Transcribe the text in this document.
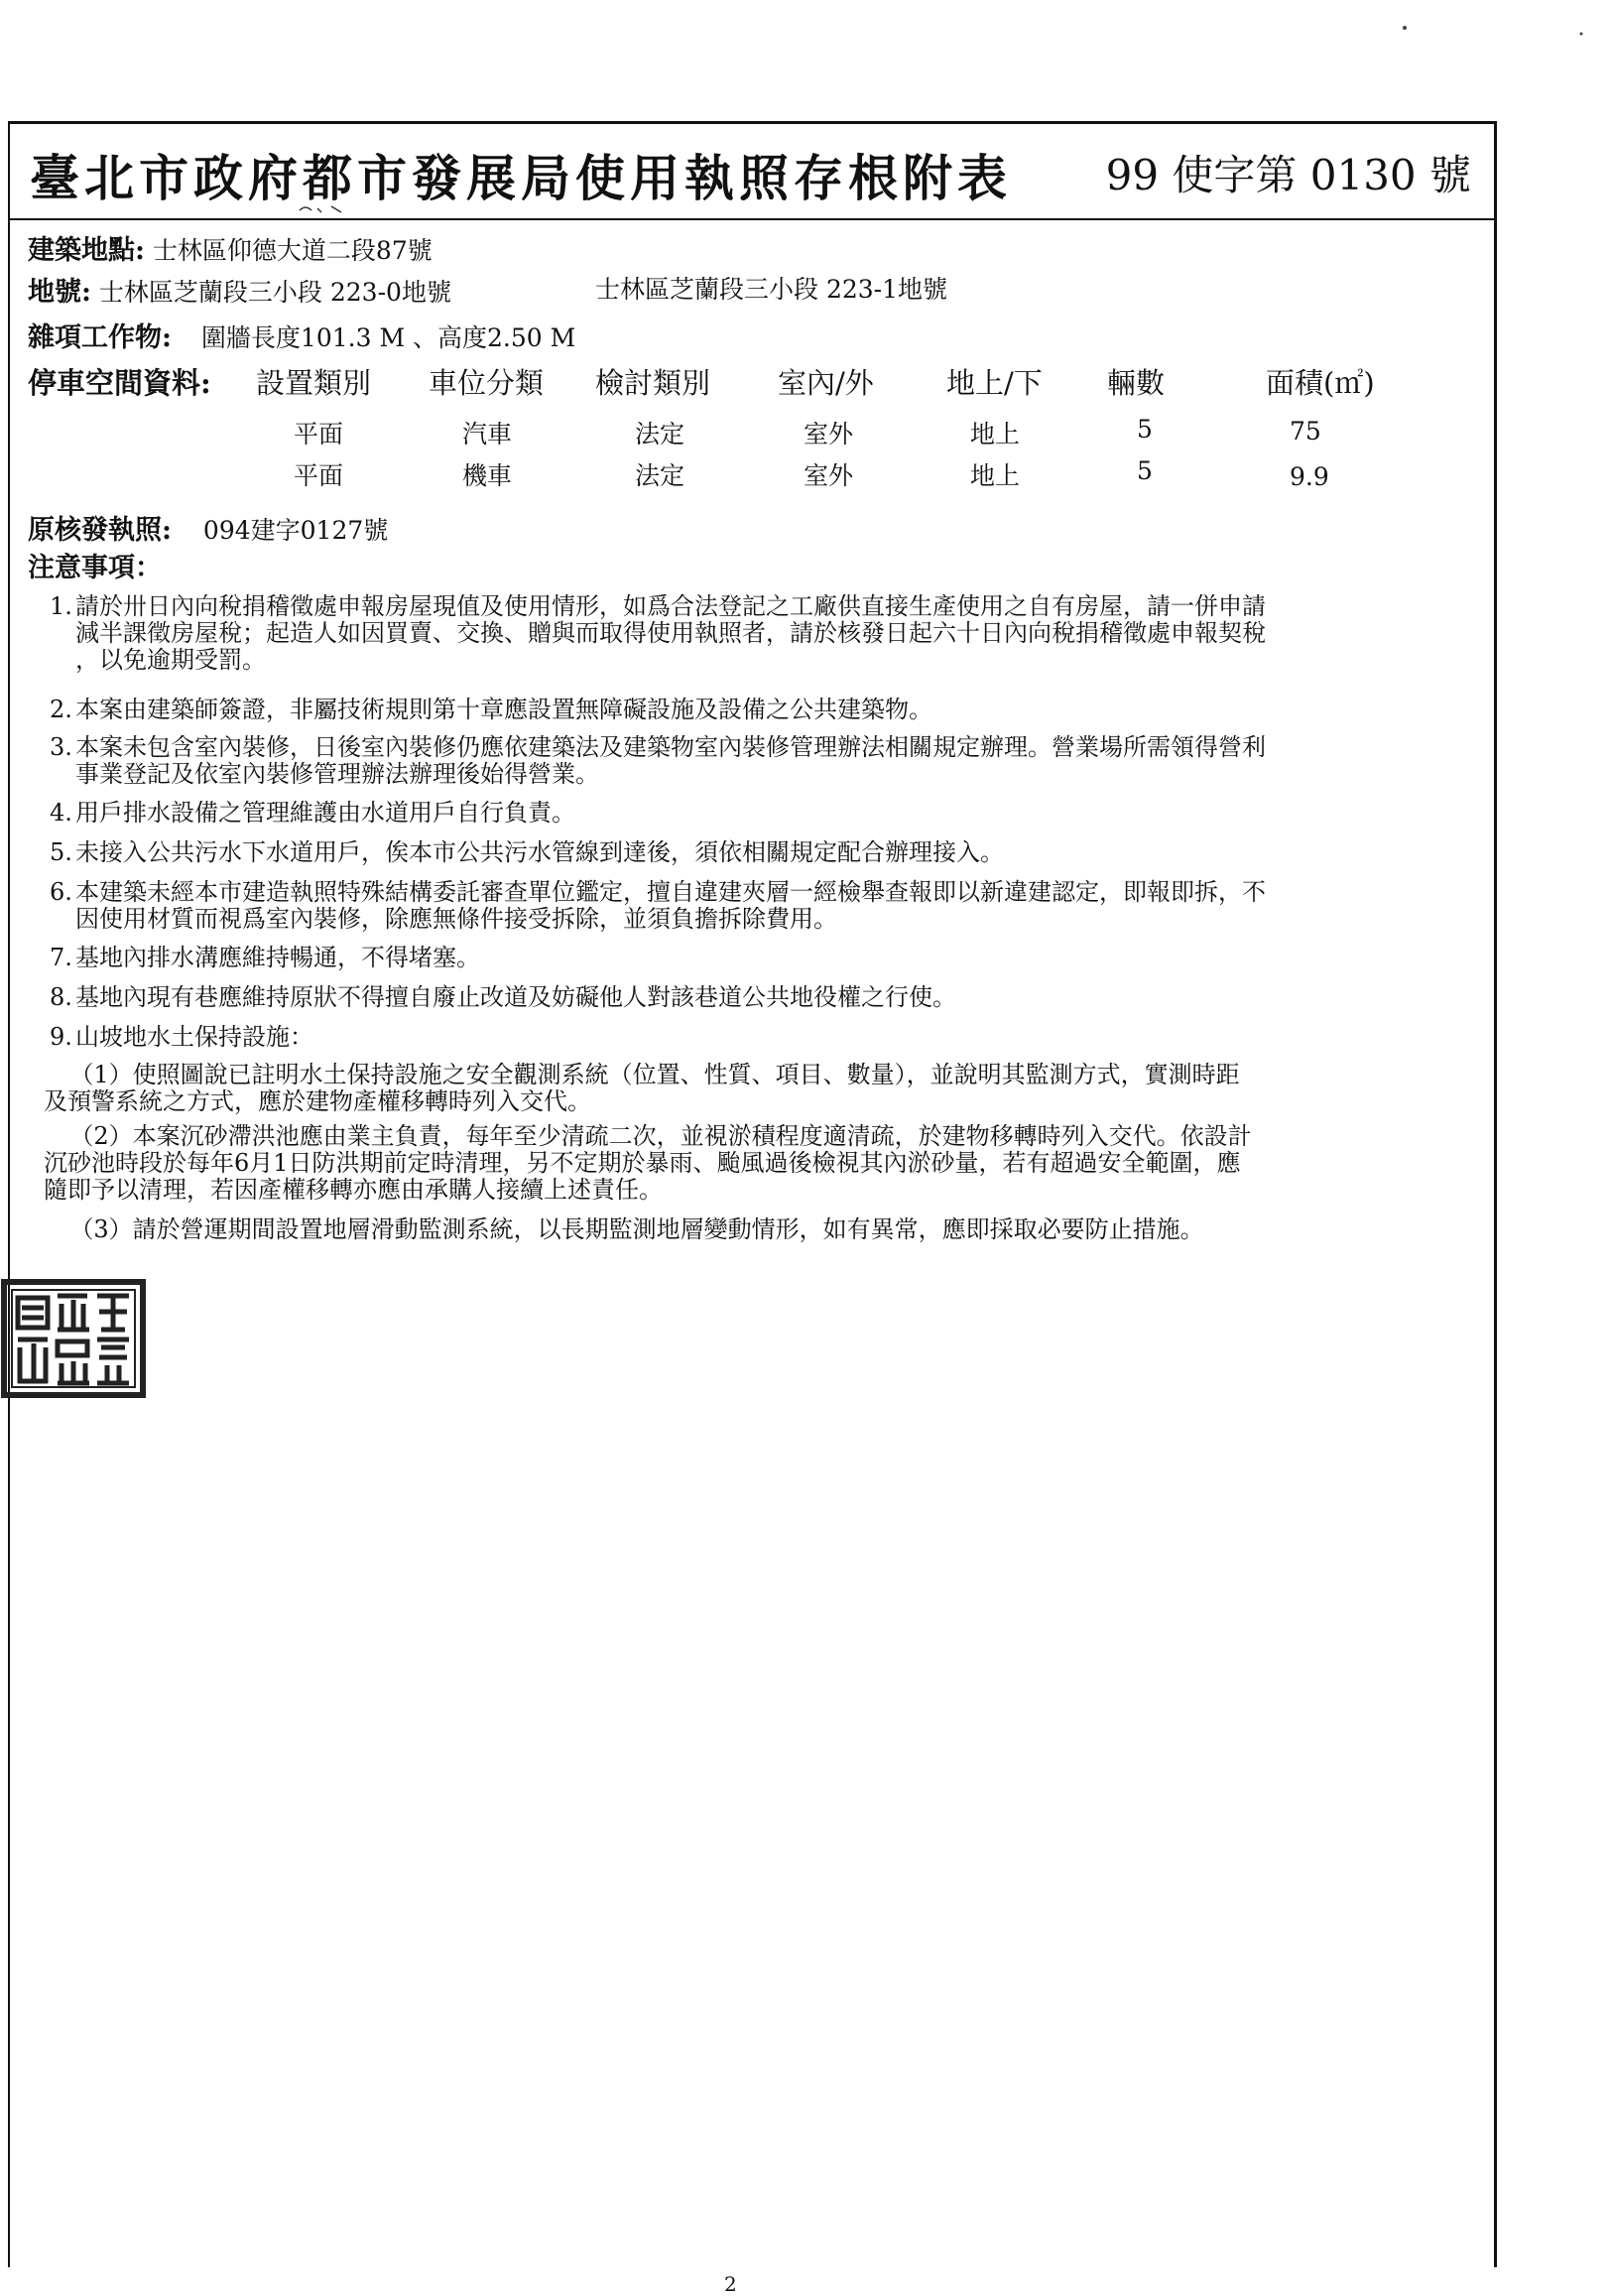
臺北市政府都市發展局使用執照存根附表 99 使字第 0130 號
建築地點: 士林區仰德大道二段87號
地號: 士林區芝蘭段三小段 223-0地號	士林區芝蘭段三小段 223-1地號
雜項工作物: 圍牆長度101.3 M 、高度2.50 M
停車空間資料: 設置類別 車位分類 檢討類別 室內/外	地上/下 輛數	面積(㎡)
平面	汽車	法定	室外	地上	5	75
平面	機車	法定	室外	地上	5	9.9
原核發執照: 094建字0127號
注意事項：
1. 請於卅日內向稅捐稽徵處申報房屋現值及使用情形，如爲合法登記之工廠供直接生產使用之自有房屋，請一併申請
減半課徵房屋稅；起造人如因買賣、交換、贈與而取得使用執照者，請於核發日起六十日內向稅捐稽徵處申報契稅
，以免逾期受罰。
2. 本案由建築師簽證，非屬技術規則第十章應設置無障礙設施及設備之公共建築物。
3. 本案未包含室內裝修，日後室內裝修仍應依建築法及建築物室內裝修管理辦法相關規定辦理。營業場所需領得營利
事業登記及依室內裝修管理辦法辦理後始得營業。
4. 用戶排水設備之管理維護由水道用戶自行負責。
5. 未接入公共污水下水道用戶，俟本市公共污水管線到達後，須依相關規定配合辦理接入。
6. 本建築未經本市建造執照特殊結構委託審查單位鑑定，擅自違建夾層一經檢舉查報即以新違建認定，即報即拆，不
因使用材質而視爲室內裝修，除應無條件接受拆除，並須負擔拆除費用。
7. 基地內排水溝應維持暢通，不得堵塞。
8. 基地內現有巷應維持原狀不得擅自廢止改道及妨礙他人對該巷道公共地役權之行使。
9. 山坡地水土保持設施：
（1）使照圖說已註明水土保持設施之安全觀測系統（位置、性質、項目、數量），並說明其監測方式，實測時距
及預警系統之方式，應於建物產權移轉時列入交代。
（2）本案沉砂滯洪池應由業主負責，每年至少清疏二次，並視淤積程度適清疏，於建物移轉時列入交代。依設計
沉砂池時段於每年6月1日防洪期前定時清理，另不定期於暴雨、颱風過後檢視其內淤砂量，若有超過安全範圍，應
隨即予以清理，若因產權移轉亦應由承購人接續上述責任。
（3）請於營運期間設置地層滑動監測系統，以長期監測地層變動情形，如有異常，應即採取必要防止措施。
2
